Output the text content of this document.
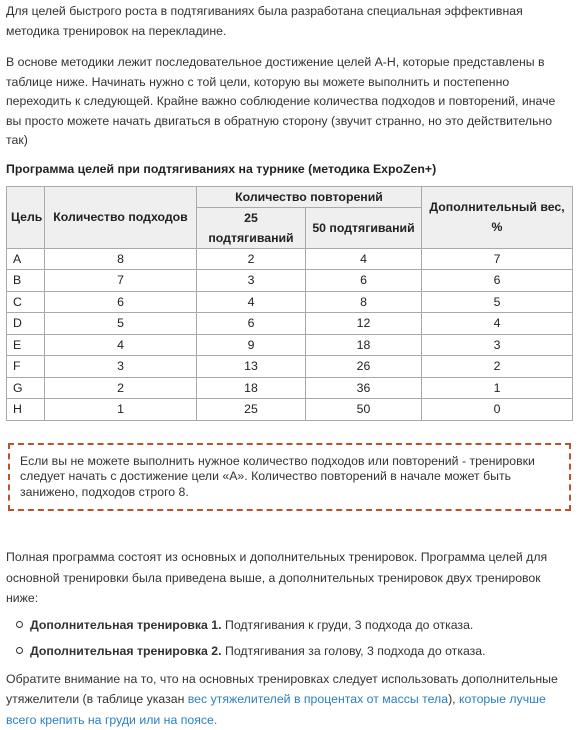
Для целей быстрого роста в подтягиваниях была разработана специальная эффективная методика тренировок на перекладине.

В основе методики лежит последовательное достижение целей А-Н, которые представлены в таблице ниже. Начинать нужно с той цели, которую вы можете выполнить и постепенно переходить к следующей. Крайне важно соблюдение количества подходов и повторений, иначе вы просто можете начать двигаться в обратную сторону (звучит странно, но это действительно так)

Программа целей при подтягиваниях на турнике (методика ExpoZen+)
Цель	Количество подходов	Количество повторений		Дополнительный вес, %
		25 подтягиваний	50 подтягиваний	
A	8	2	4	7
B	7	3	6	6
C	6	4	8	5
D	5	6	12	4
E	4	9	18	3
F	3	13	26	2
G	2	18	36	1
H	1	25	50	0
Если вы не можете выполнить нужное количество подходов или повторений - тренировки следует начать с достижение цели «А». Количество повторений в начале может быть занижено, подходов строго 8.

Полная программа состоят из основных и дополнительных тренировок. Программа целей для основной тренировки была приведена выше, а дополнительных тренировок двух тренировок ниже:

Дополнительная тренировка 1. Подтягивания к груди, 3 подхода до отказа.
Дополнительная тренировка 2. Подтягивания за голову, 3 подхода до отказа.

Обратите внимание на то, что на основных тренировках следует использовать дополнительные утяжелители (в таблице указан вес утяжелителей в процентах от массы тела), которые лучше всего крепить на груди или на поясе.
